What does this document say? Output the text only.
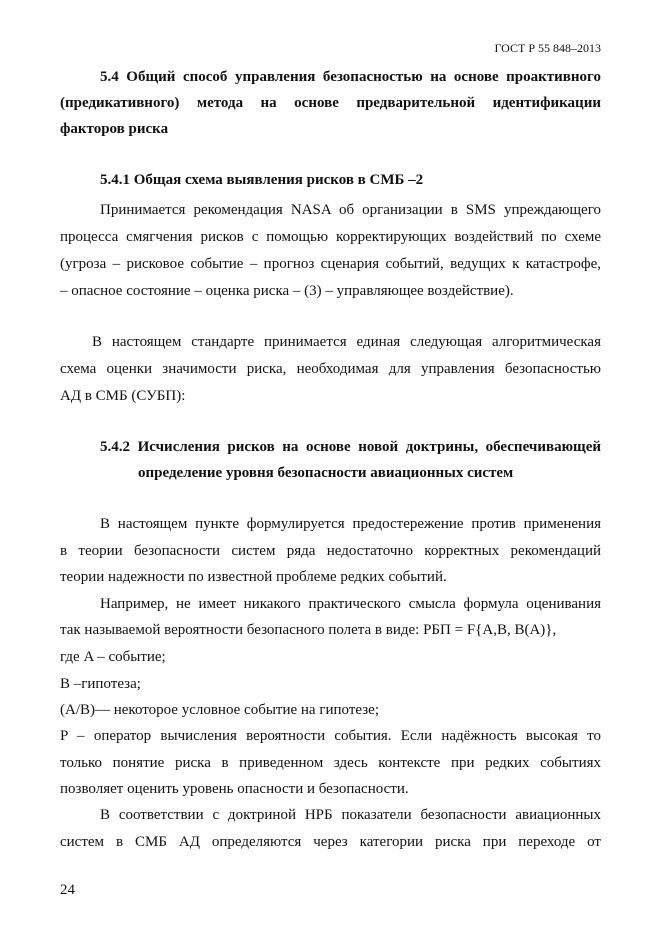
ГОСТ Р 55 848–2013
5.4 Общий способ управления безопасностью на основе проактивного
(предикативного) метода на основе предварительной идентификации
факторов риска
5.4.1 Общая схема выявления рисков в СМБ –2
Принимается рекомендация NASA об организации в SMS упреждающего
процесса смягчения рисков с помощью корректирующих воздействий по схеме
(угроза – рисковое событие – прогноз сценария событий, ведущих к катастрофе,
– опасное состояние – оценка риска – (3) – управляющее воздействие).
В настоящем стандарте принимается единая следующая алгоритмическая
схема оценки значимости риска, необходимая для управления безопасностью
АД в СМБ (СУБП):
5.4.2 Исчисления рисков на основе новой доктрины, обеспечивающей
определение уровня безопасности авиационных систем
В настоящем пункте формулируется предостережение против применения
в теории безопасности систем ряда недостаточно корректных рекомендаций
теории надежности по известной проблеме редких событий.
Например, не имеет никакого практического смысла формула оценивания
так называемой вероятности безопасного полета в виде: PБП = F{A,B, B(A)},
где A – событие;
B –гипотеза;
(A/B)— некоторое условное событие на гипотезе;
P – оператор вычисления вероятности события. Если надёжность высокая то
только понятие риска в приведенном здесь контексте при редких событиях
позволяет оценить уровень опасности и безопасности.
В соответствии с доктриной НРБ показатели безопасности авиационных
систем в СМБ АД определяются через категории риска при переходе от
24
